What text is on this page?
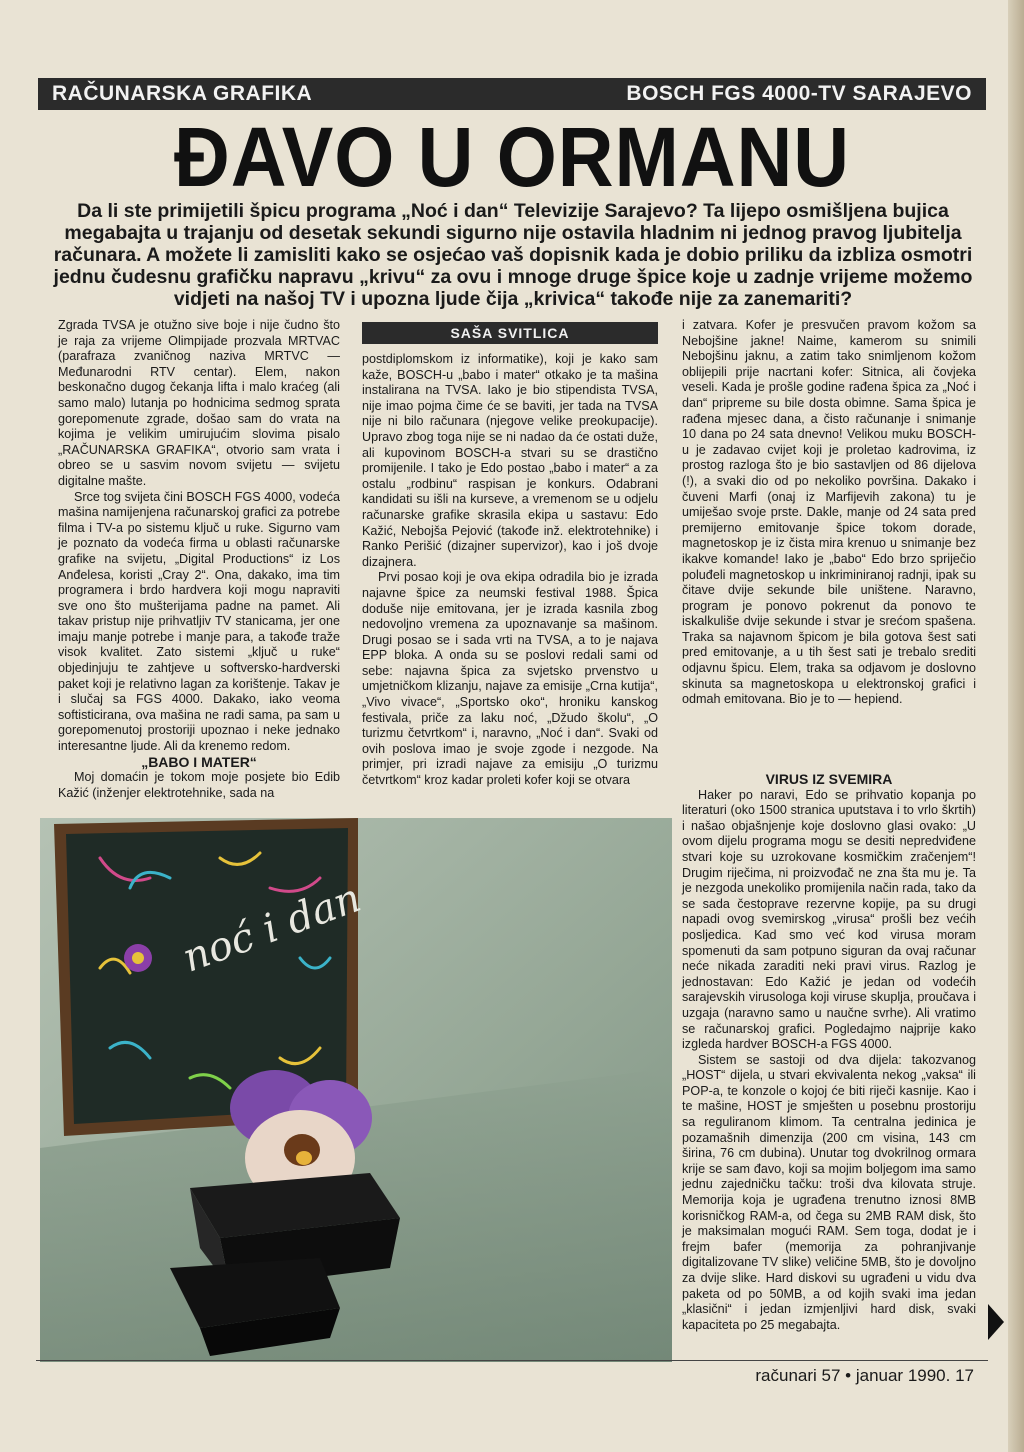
RAČUNARSKA GRAFIKA	BOSCH FGS 4000-TV SARAJEVO
ĐAVO U ORMANU
Da li ste primijetili špicu programa „Noć i dan“ Televizije Sarajevo? Ta lijepo osmišljena bujica megabajta u trajanju od desetak sekundi sigurno nije ostavila hladnim ni jednog pravog ljubitelja računara. A možete li zamisliti kako se osjećao vaš dopisnik kada je dobio priliku da izbliza osmotri jednu čudesnu grafičku napravu „krivu“ za ovu i mnoge druge špice koje u zadnje vrijeme možemo vidjeti na našoj TV i upozna ljude čija „krivica“ takođe nije za zanemariti?

Zgrada TVSA je otužno sive boje i nije čudno što je raja za vrijeme Olimpijade prozvala MRTVAC (parafraza zvaničnog naziva MRTVC — Međunarodni RTV centar). Elem, nakon beskonačno dugog čekanja lifta i malo kraćeg (ali samo malo) lutanja po hodnicima sedmog sprata gorepomenute zgrade, došao sam do vrata na kojima je velikim umirujućim slovima pisalo „RAČUNARSKA GRAFIKA“, otvorio sam vrata i obreo se u sasvim novom svijetu — svijetu digitalne mašte.

Srce tog svijeta čini BOSCH FGS 4000, vodeća mašina namijenjena računarskoj grafici za potrebe filma i TV-a po sistemu ključ u ruke. Sigurno vam je poznato da vodeća firma u oblasti računarske grafike na svijetu, „Digital Productions“ iz Los Anđelesa, koristi „Cray 2“. Ona, dakako, ima tim programera i brdo hardvera koji mogu napraviti sve ono što mušterijama padne na pamet. Ali takav pristup nije prihvatljiv TV stanicama, jer one imaju manje potrebe i manje para, a takođe traže visok kvalitet. Zato sistemi „ključ u ruke“ objedinjuju te zahtjeve u softversko-hardverski paket koji je relativno lagan za korištenje. Takav je i slučaj sa FGS 4000. Dakako, iako veoma softisticirana, ova mašina ne radi sama, pa sam u gorepomenutoj prostoriji upoznao i neke jednako interesantne ljude. Ali da krenemo redom.

„BABO I MATER“

Moj domaćin je tokom moje posjete bio Edib Kažić (inženjer elektrotehnike, sada na

SAŠA SVITLICA

postdiplomskom iz informatike), koji je kako sam kaže, BOSCH-u „babo i mater“ otkako je ta mašina instalirana na TVSA. Iako je bio stipendista TVSA, nije imao pojma čime će se baviti, jer tada na TVSA nije ni bilo računara (njegove velike preokupacije). Upravo zbog toga nije se ni nadao da će ostati duže, ali kupovinom BOSCH-a stvari su se drastično promijenile. I tako je Edo postao „babo i mater“ a za ostalu „rodbinu“ raspisan je konkurs. Odabrani kandidati su išli na kurseve, a vremenom se u odjelu računarske grafike skrasila ekipa u sastavu: Edo Kažić, Nebojša Pejović (takođe inž. elektrotehnike) i Ranko Perišić (dizajner supervizor), kao i još dvoje dizajnera.

Prvi posao koji je ova ekipa odradila bio je izrada najavne špice za neumski festival 1988. Špica doduše nije emitovana, jer je izrada kasnila zbog nedovoljno vremena za upoznavanje sa mašinom. Drugi posao se i sada vrti na TVSA, a to je najava EPP bloka. A onda su se poslovi redali sami od sebe: najavna špica za svjetsko prvenstvo u umjetničkom klizanju, najave za emisije „Crna kutija“, „Vivo vivace“, „Sportsko oko“, hroniku kanskog festivala, priče za laku noć, „Džudo školu“, „O turizmu četvrtkom“ i, naravno, „Noć i dan“. Svaki od ovih poslova imao je svoje zgode i nezgode. Na primjer, pri izradi najave za emisiju „O turizmu četvrtkom“ kroz kadar proleti kofer koji se otvara

i zatvara. Kofer je presvučen pravom kožom sa Nebojšine jakne! Naime, kamerom su snimili Nebojšinu jaknu, a zatim tako snimljenom kožom oblijepili prije nacrtani kofer: Sitnica, ali čovjeka veseli. Kada je prošle godine rađena špica za „Noć i dan“ pripreme su bile dosta obimne. Sama špica je rađena mjesec dana, a čisto računanje i snimanje 10 dana po 24 sata dnevno! Velikou muku BOSCH-u je zadavao cvijet koji je proletao kadrovima, iz prostog razloga što je bio sastavljen od 86 dijelova (!), a svaki dio od po nekoliko površina. Dakako i čuveni Marfi (onaj iz Marfijevih zakona) tu je umiješao svoje prste. Dakle, manje od 24 sata pred premijerno emitovanje špice tokom dorade, magnetoskop je iz čista mira krenuo u snimanje bez ikakve komande! Iako je „babo“ Edo brzo spriječio poluđeli magnetoskop u inkriminiranoj radnji, ipak su čitave dvije sekunde bile uništene. Naravno, program je ponovo pokrenut da ponovo te iskalkuliše dvije sekunde i stvar je srećom spašena. Traka sa najavnom špicom je bila gotova šest sati pred emitovanje, a u tih šest sati je trebalo srediti odjavnu špicu. Elem, traka sa odjavom je doslovno skinuta sa magnetoskopa u elektronskoj grafici i odmah emitovana. Bio je to — hepiend.

VIRUS IZ SVEMIRA

Haker po naravi, Edo se prihvatio kopanja po literaturi (oko 1500 stranica uputstava i to vrlo škrtih) i našao objašnjenje koje doslovno glasi ovako: „U ovom dijelu programa mogu se desiti nepredviđene stvari koje su uzrokovane kosmičkim zračenjem“! Drugim riječima, ni proizvođač ne zna šta mu je. Ta je nezgoda unekoliko promijenila način rada, tako da se sada čestoprave rezervne kopije, pa su drugi napadi ovog svemirskog „virusa“ prošli bez većih posljedica. Kad smo već kod virusa moram spomenuti da sam potpuno siguran da ovaj računar neće nikada zaraditi neki pravi virus. Razlog je jednostavan: Edo Kažić je jedan od vodećih sarajevskih virusologa koji viruse skuplja, proučava i uzgaja (naravno samo u naučne svrhe). Ali vratimo se računarskoj grafici. Pogledajmo najprije kako izgleda hardver BOSCH-a FGS 4000.

Sistem se sastoji od dva dijela: takozvanog „HOST“ dijela, u stvari ekvivalenta nekog „vaksa“ ili POP-a, te konzole o kojoj će biti riječi kasnije. Kao i te mašine, HOST je smješten u posebnu prostoriju sa reguliranom klimom. Ta centralna jedinica je pozamašnih dimenzija (200 cm visina, 143 cm širina, 76 cm dubina). Unutar tog dvokrilnog ormara krije se sam đavo, koji sa mojim bolјegom ima samo jednu zajedničku tačku: troši dva kilovata struje. Memorija koja je ugrađena trenutno iznosi 8MB korisničkog RAM-a, od čega su 2MB RAM disk, što je maksimalan mogući RAM. Sem toga, dodat je i frejm bafer (memorija za pohranjivanje digitalizovane TV slike) veličine 5MB, što je dovoljno za dvije slike. Hard diskovi su ugrađeni u vidu dva paketa od po 50MB, a od kojih svaki ima jedan „klasični“ i jedan izmjenljivi hard disk, svaki kapaciteta po 25 megabajta.

noć i dan
računari 57 • januar 1990. 17
